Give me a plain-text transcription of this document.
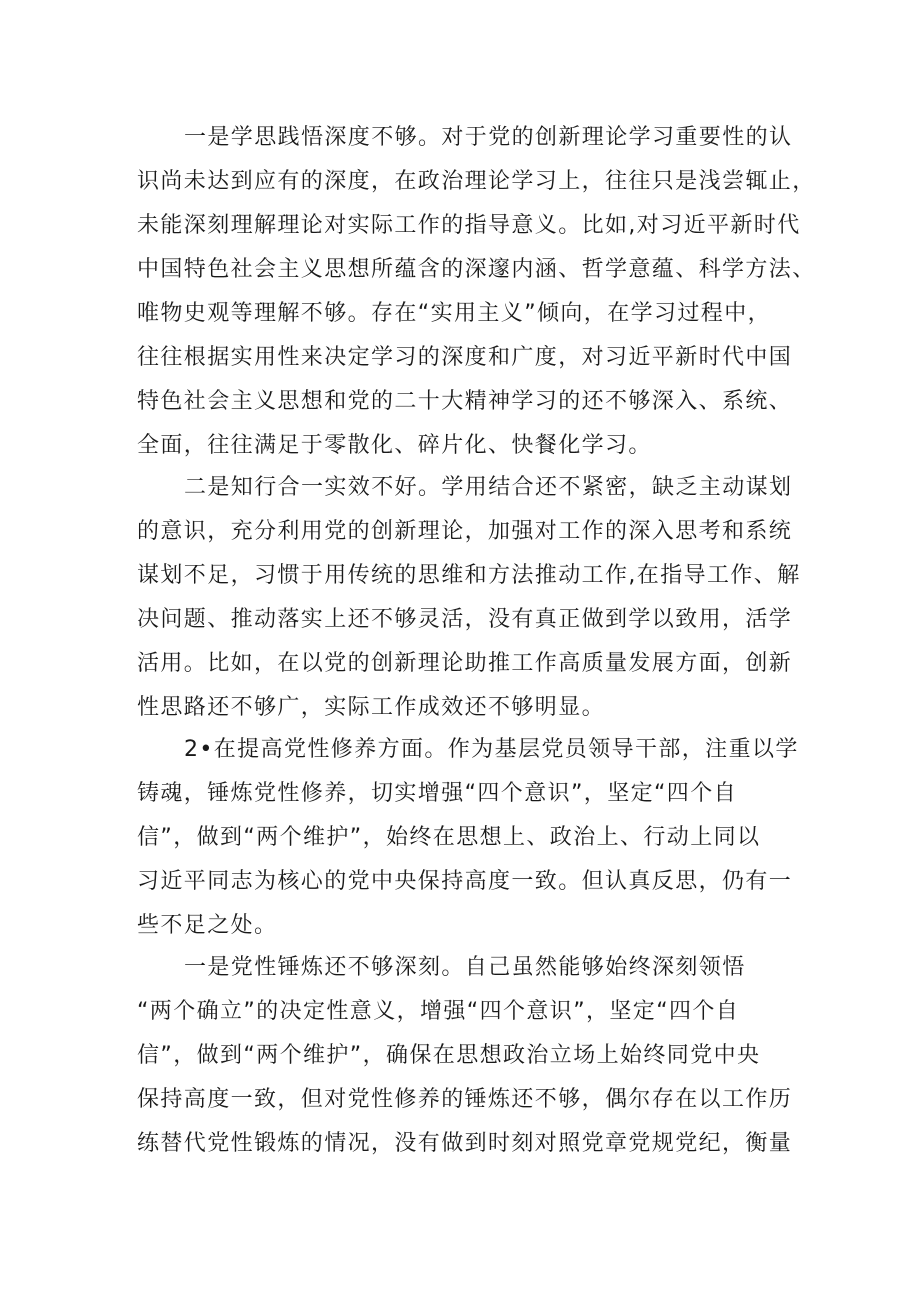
一是学思践悟深度不够。对于党的创新理论学习重要性的认
识尚未达到应有的深度，在政治理论学习上，往往只是浅尝辄止，
未能深刻理解理论对实际工作的指导意义。比如,对习近平新时代
中国特色社会主义思想所蕴含的深邃内涵、哲学意蕴、科学方法、
唯物史观等理解不够。存在“实用主义”倾向，在学习过程中，
往往根据实用性来决定学习的深度和广度，对习近平新时代中国
特色社会主义思想和党的二十大精神学习的还不够深入、系统、
全面，往往满足于零散化、碎片化、快餐化学习。
二是知行合一实效不好。学用结合还不紧密，缺乏主动谋划
的意识，充分利用党的创新理论，加强对工作的深入思考和系统
谋划不足，习惯于用传统的思维和方法推动工作,在指导工作、解
决问题、推动落实上还不够灵活，没有真正做到学以致用，活学
活用。比如，在以党的创新理论助推工作高质量发展方面，创新
性思路还不够广，实际工作成效还不够明显。
2•在提高党性修养方面。作为基层党员领导干部，注重以学
铸魂，锤炼党性修养，切实增强“四个意识”，坚定“四个自
信”，做到“两个维护”，始终在思想上、政治上、行动上同以
习近平同志为核心的党中央保持高度一致。但认真反思，仍有一
些不足之处。
一是党性锤炼还不够深刻。自己虽然能够始终深刻领悟
“两个确立”的决定性意义，增强“四个意识”，坚定“四个自
信”，做到“两个维护”，确保在思想政治立场上始终同党中央
保持高度一致，但对党性修养的锤炼还不够，偶尔存在以工作历
练替代党性锻炼的情况，没有做到时刻对照党章党规党纪，衡量
